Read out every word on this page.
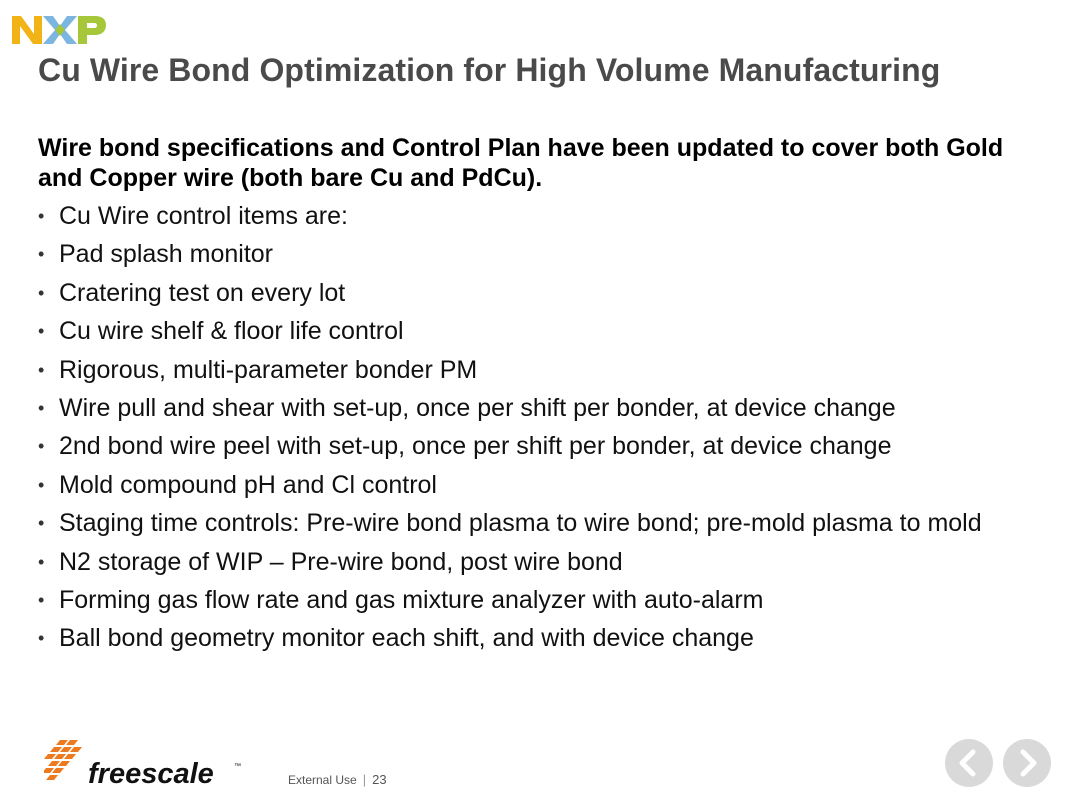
Cu Wire Bond Optimization for High Volume Manufacturing
Wire bond specifications and Control Plan have been updated to cover both Gold and Copper wire (both bare Cu and PdCu).
• Cu Wire control items are:
• Pad splash monitor
• Cratering test on every lot
• Cu wire shelf & floor life control
• Rigorous, multi-parameter bonder PM
• Wire pull and shear with set-up, once per shift per bonder, at device change
• 2nd bond wire peel with set-up, once per shift per bonder, at device change
• Mold compound pH and Cl control
• Staging time controls: Pre-wire bond plasma to wire bond; pre-mold plasma to mold
• N2 storage of WIP – Pre-wire bond, post wire bond
• Forming gas flow rate and gas mixture analyzer with auto-alarm
• Ball bond geometry monitor each shift, and with device change
freescale	™
External Use | 23
